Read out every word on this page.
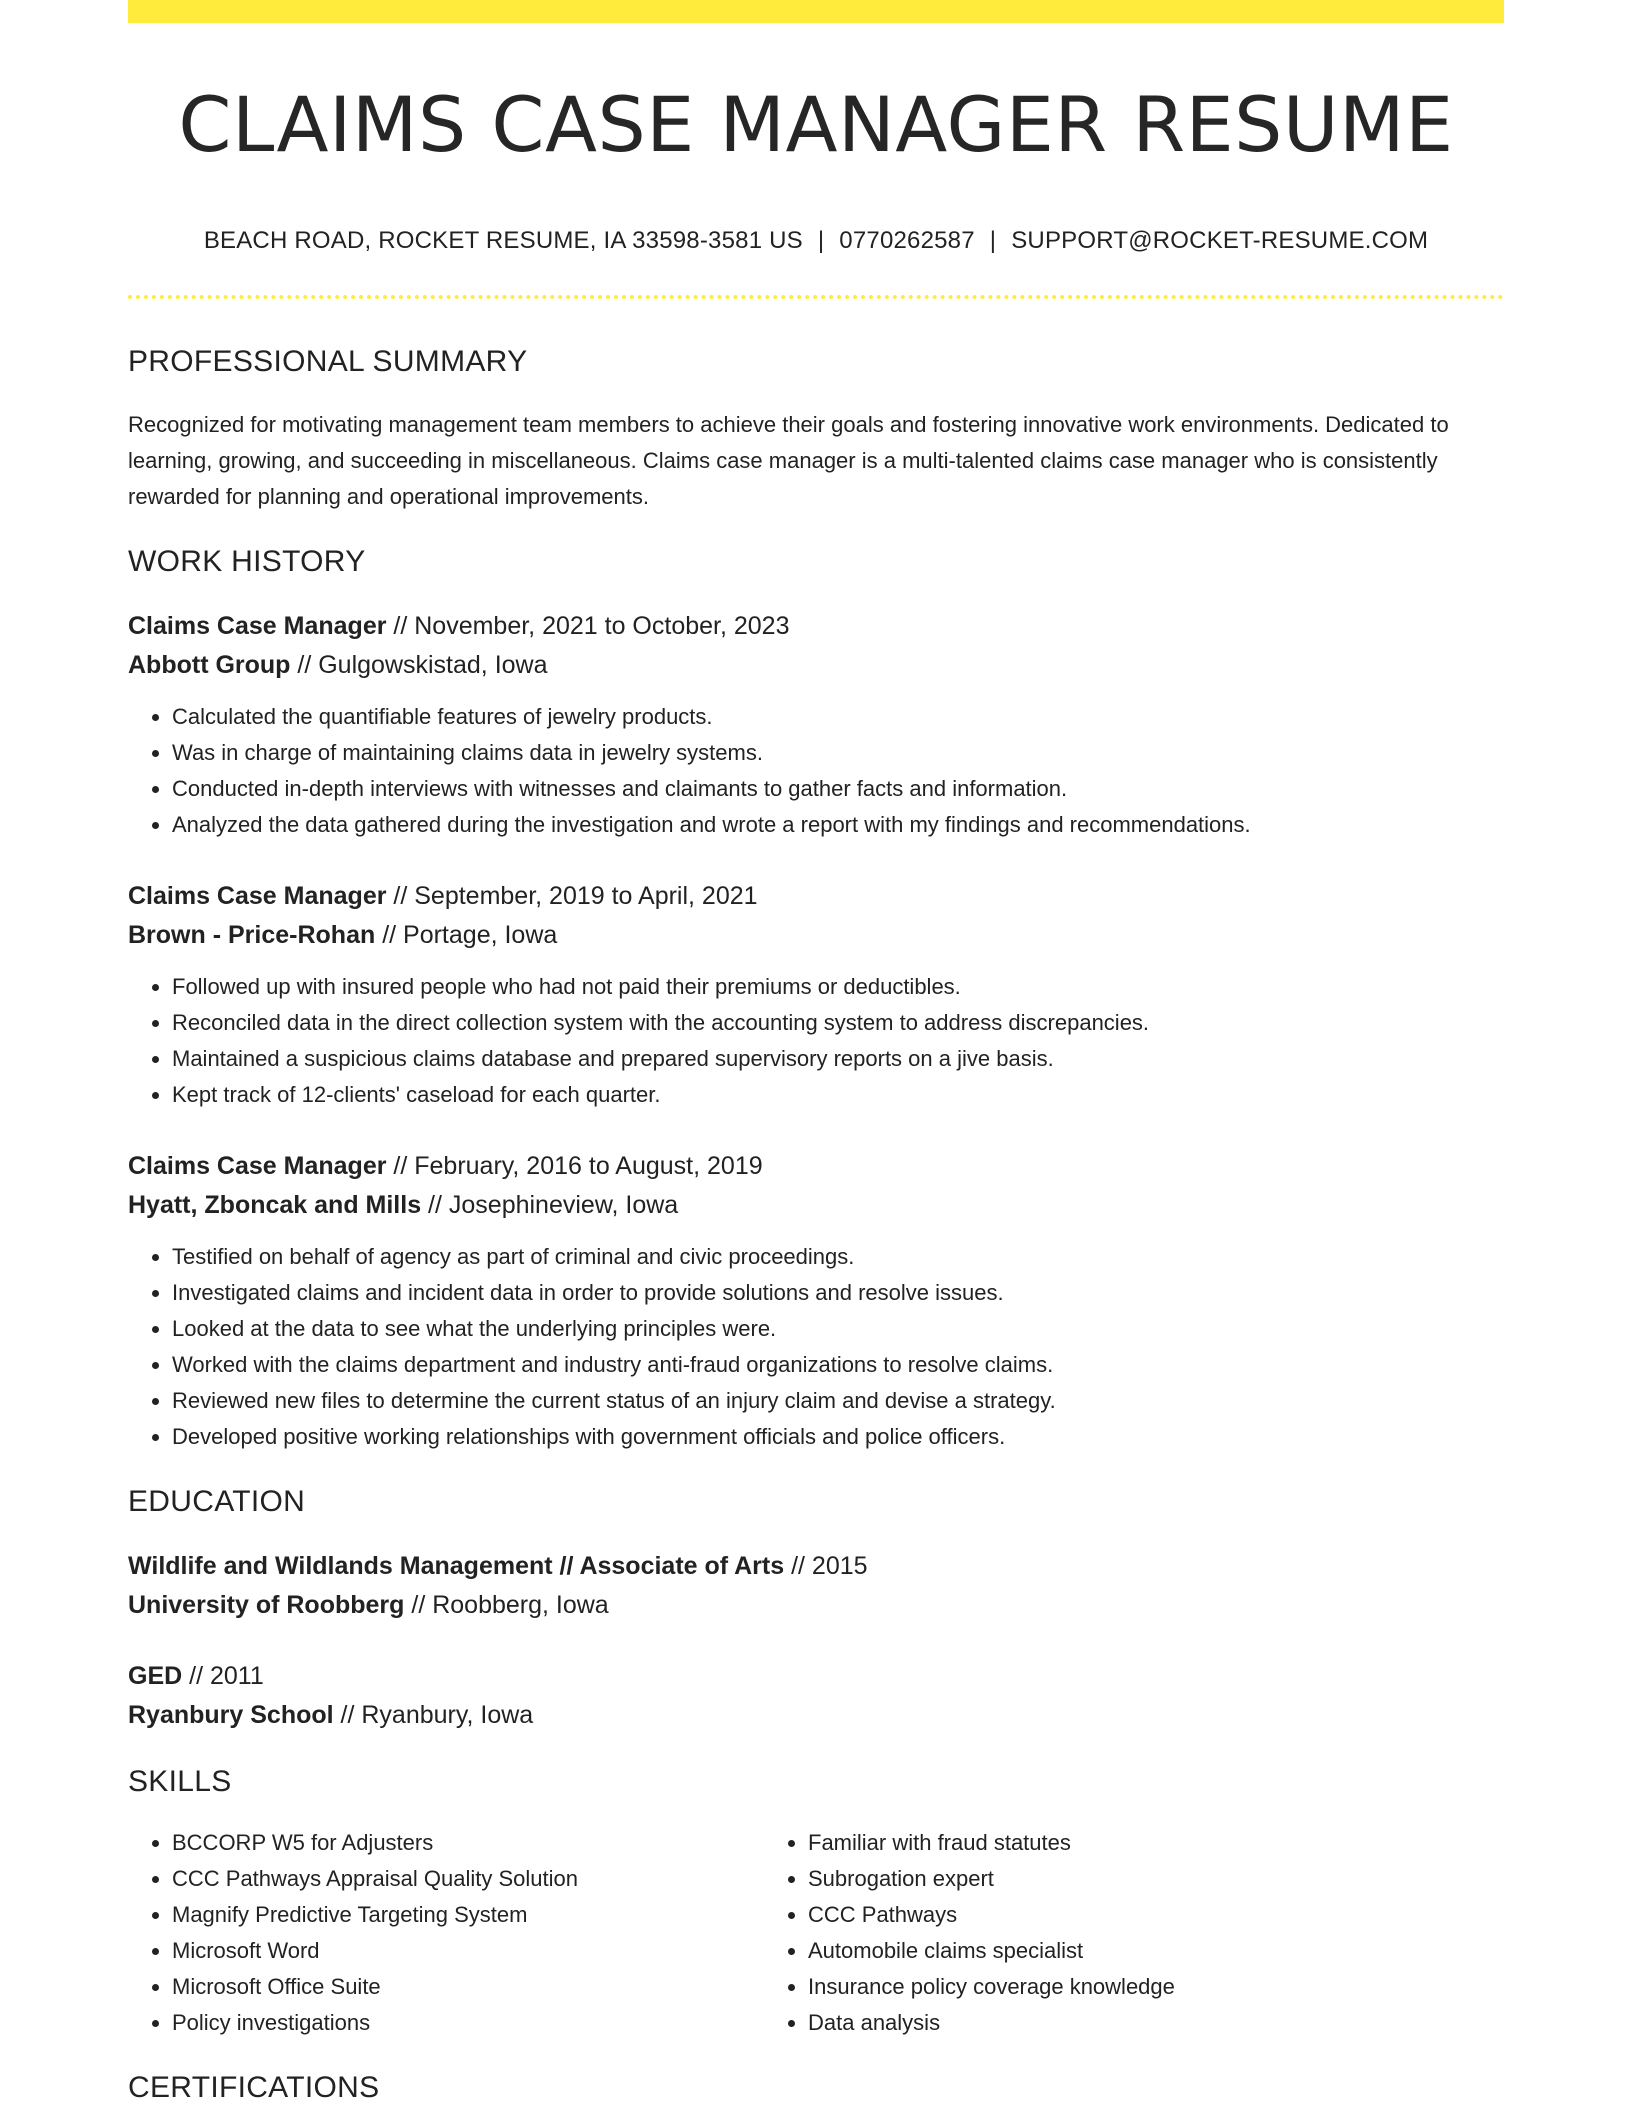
CLAIMS CASE MANAGER RESUME
BEACH ROAD, ROCKET RESUME, IA 33598-3581 US | 0770262587 | SUPPORT@ROCKET-RESUME.COM
PROFESSIONAL SUMMARY

Recognized for motivating management team members to achieve their goals and fostering innovative work environments. Dedicated to learning, growing, and succeeding in miscellaneous. Claims case manager is a multi-talented claims case manager who is consistently rewarded for planning and operational improvements.

WORK HISTORY
Claims Case Manager // November, 2021 to October, 2023
Abbott Group // Gulgowskistad, Iowa
• Calculated the quantifiable features of jewelry products.
• Was in charge of maintaining claims data in jewelry systems.
• Conducted in-depth interviews with witnesses and claimants to gather facts and information.
• Analyzed the data gathered during the investigation and wrote a report with my findings and recommendations.
Claims Case Manager // September, 2019 to April, 2021
Brown - Price-Rohan // Portage, Iowa
• Followed up with insured people who had not paid their premiums or deductibles.
• Reconciled data in the direct collection system with the accounting system to address discrepancies.
• Maintained a suspicious claims database and prepared supervisory reports on a jive basis.
• Kept track of 12-clients' caseload for each quarter.
Claims Case Manager // February, 2016 to August, 2019
Hyatt, Zboncak and Mills // Josephineview, Iowa
• Testified on behalf of agency as part of criminal and civic proceedings.
• Investigated claims and incident data in order to provide solutions and resolve issues.
• Looked at the data to see what the underlying principles were.
• Worked with the claims department and industry anti-fraud organizations to resolve claims.
• Reviewed new files to determine the current status of an injury claim and devise a strategy.
• Developed positive working relationships with government officials and police officers.
EDUCATION
Wildlife and Wildlands Management // Associate of Arts // 2015
University of Roobberg // Roobberg, Iowa
GED // 2011
Ryanbury School // Ryanbury, Iowa
SKILLS
• BCCORP W5 for Adjusters
• CCC Pathways Appraisal Quality Solution
• Magnify Predictive Targeting System
• Microsoft Word
• Microsoft Office Suite
• Policy investigations
• Familiar with fraud statutes
• Subrogation expert
• CCC Pathways
• Automobile claims specialist
• Insurance policy coverage knowledge
• Data analysis
CERTIFICATIONS
